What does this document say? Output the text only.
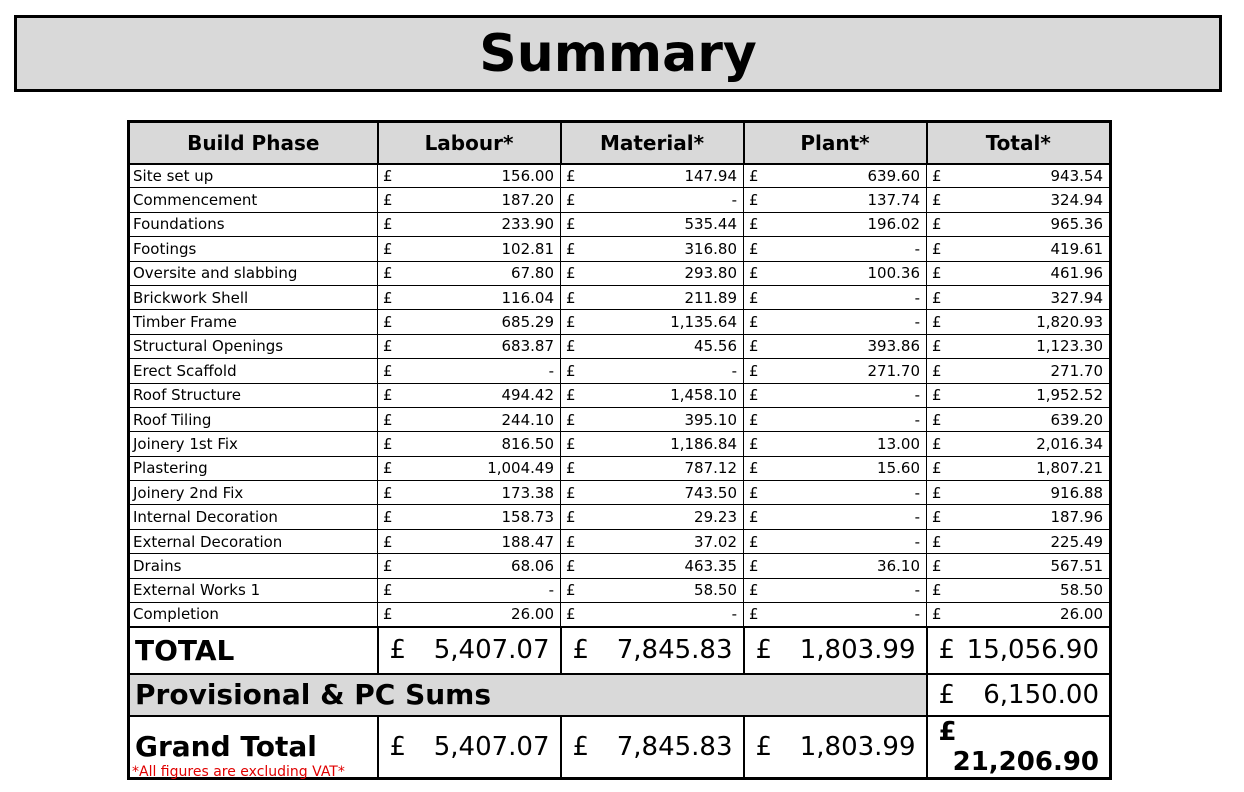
Summary
Build Phase	Labour*	Material*	Plant*	Total*
Site set up	£ 156.00	£ 147.94	£ 639.60	£ 943.54

Commencement	£ 187.20	£ -	£ 137.74	£ 324.94

Foundations	£ 233.90	£ 535.44	£ 196.02	£ 965.36

Footings	£ 102.81	£ 316.80	£ -	£ 419.61

Oversite and slabbing	£ 67.80	£ 293.80	£ 100.36	£ 461.96

Brickwork Shell	£ 116.04	£ 211.89	£ -	£ 327.94

Timber Frame	£ 685.29	£ 1,135.64	£ -	£ 1,820.93

Structural Openings	£ 683.87	£ 45.56	£ 393.86	£ 1,123.30

Erect Scaffold	£ -	£ -	£ 271.70	£ 271.70

Roof Structure	£ 494.42	£ 1,458.10	£ -	£ 1,952.52

Roof Tiling	£ 244.10	£ 395.10	£ -	£ 639.20

Joinery 1st Fix	£ 816.50	£ 1,186.84	£ 13.00	£ 2,016.34

Plastering	£ 1,004.49	£ 787.12	£ 15.60	£ 1,807.21

Joinery 2nd Fix	£ 173.38	£ 743.50	£ -	£ 916.88

Internal Decoration	£ 158.73	£ 29.23	£ -	£ 187.96

External Decoration	£ 188.47	£ 37.02	£ -	£ 225.49

Drains	£ 68.06	£ 463.35	£ 36.10	£ 567.51

External Works 1	£ -	£ 58.50	£ -	£ 58.50

Completion	£ 26.00	£ -	£ -	£ 26.00

TOTAL	£ 5,407.07	£ 7,845.83	£ 1,803.99	£ 15,056.90

Provisional & PC Sums				£ 6,150.00

Grand Total	£ 5,407.07	£ 7,845.83	£ 1,803.99	£
21,206.90
*All figures are excluding VAT*
